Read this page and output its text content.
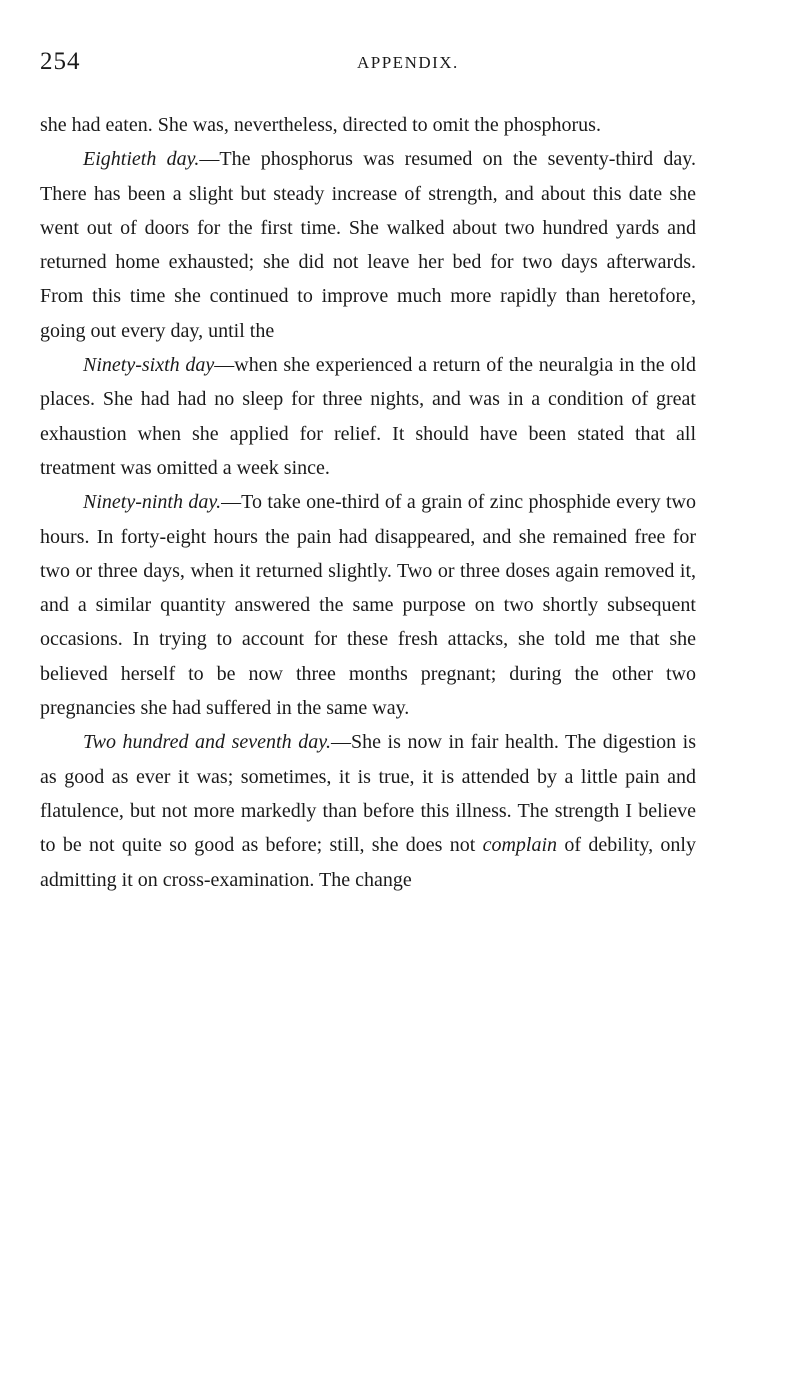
254	APPENDIX.

she had eaten. She was, nevertheless, directed to omit the phosphorus.

Eightieth day.—The phosphorus was resumed on the seventy-third day. There has been a slight but steady increase of strength, and about this date she went out of doors for the first time. She walked about two hundred yards and returned home exhausted; she did not leave her bed for two days afterwards. From this time she continued to improve much more rapidly than heretofore, going out every day, until the

Ninety-sixth day—when she experienced a return of the neuralgia in the old places. She had had no sleep for three nights, and was in a condition of great exhaustion when she applied for relief. It should have been stated that all treatment was omitted a week since.

Ninety-ninth day.—To take one-third of a grain of zinc phosphide every two hours. In forty-eight hours the pain had disappeared, and she remained free for two or three days, when it returned slightly. Two or three doses again removed it, and a similar quantity answered the same purpose on two shortly subsequent occasions. In trying to account for these fresh attacks, she told me that she believed herself to be now three months pregnant; during the other two pregnancies she had suffered in the same way.

Two hundred and seventh day.—She is now in fair health. The digestion is as good as ever it was; sometimes, it is true, it is attended by a little pain and flatulence, but not more markedly than before this illness. The strength I believe to be not quite so good as before; still, she does not complain of debility, only admitting it on cross-examination. The change
